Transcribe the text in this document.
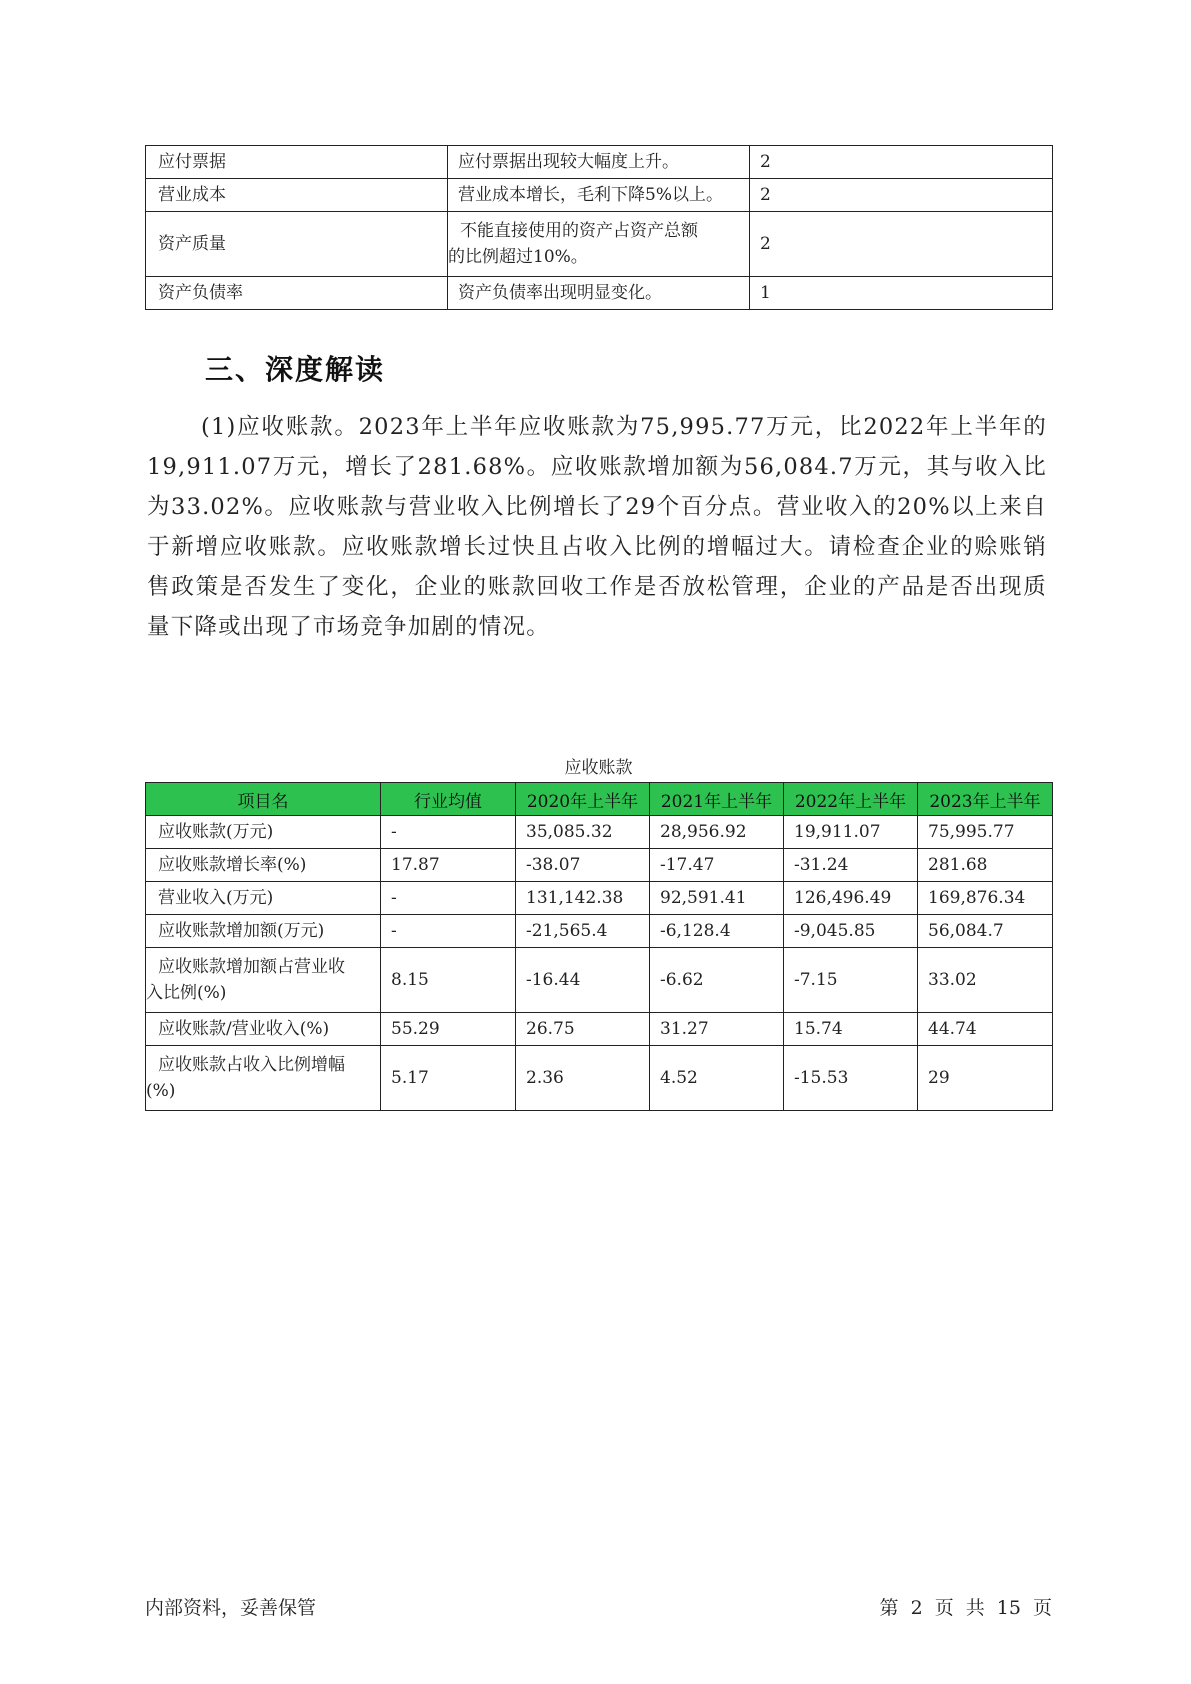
应付票据	应付票据出现较大幅度上升。	2
营业成本	营业成本增长，毛利下降5%以上。	2
资产质量	不能直接使用的资产占资产总额
的比例超过10%。	2
资产负债率	资产负债率出现明显变化。	1
三、深度解读

(1)应收账款。2023年上半年应收账款为75,995.77万元，比2022年上半年的19,911.07万元，增长了281.68%。应收账款增加额为56,084.7万元，其与收入比为33.02%。应收账款与营业收入比例增长了29个百分点。营业收入的20%以上来自于新增应收账款。应收账款增长过快且占收入比例的增幅过大。请检查企业的赊账销售政策是否发生了变化，企业的账款回收工作是否放松管理，企业的产品是否出现质量下降或出现了市场竞争加剧的情况。

应收账款
项目名	行业均值	2020年上半年	2021年上半年	2022年上半年	2023年上半年

应收账款(万元)	-	35,085.32	28,956.92	19,911.07	75,995.77

应收账款增长率(%)	17.87	-38.07	-17.47	-31.24	281.68

营业收入(万元)	-	131,142.38	92,591.41	126,496.49	169,876.34

应收账款增加额(万元)	-	-21,565.4	-6,128.4	-9,045.85	56,084.7

应收账款增加额占营业收
入比例(%)	8.15	-16.44	-6.62	-7.15	33.02

应收账款/营业收入(%)	55.29	26.75	31.27	15.74	44.74

应收账款占收入比例增幅
(%)	5.17	2.36	4.52	-15.53	29
内部资料，妥善保管	第 2 页 共 15 页
